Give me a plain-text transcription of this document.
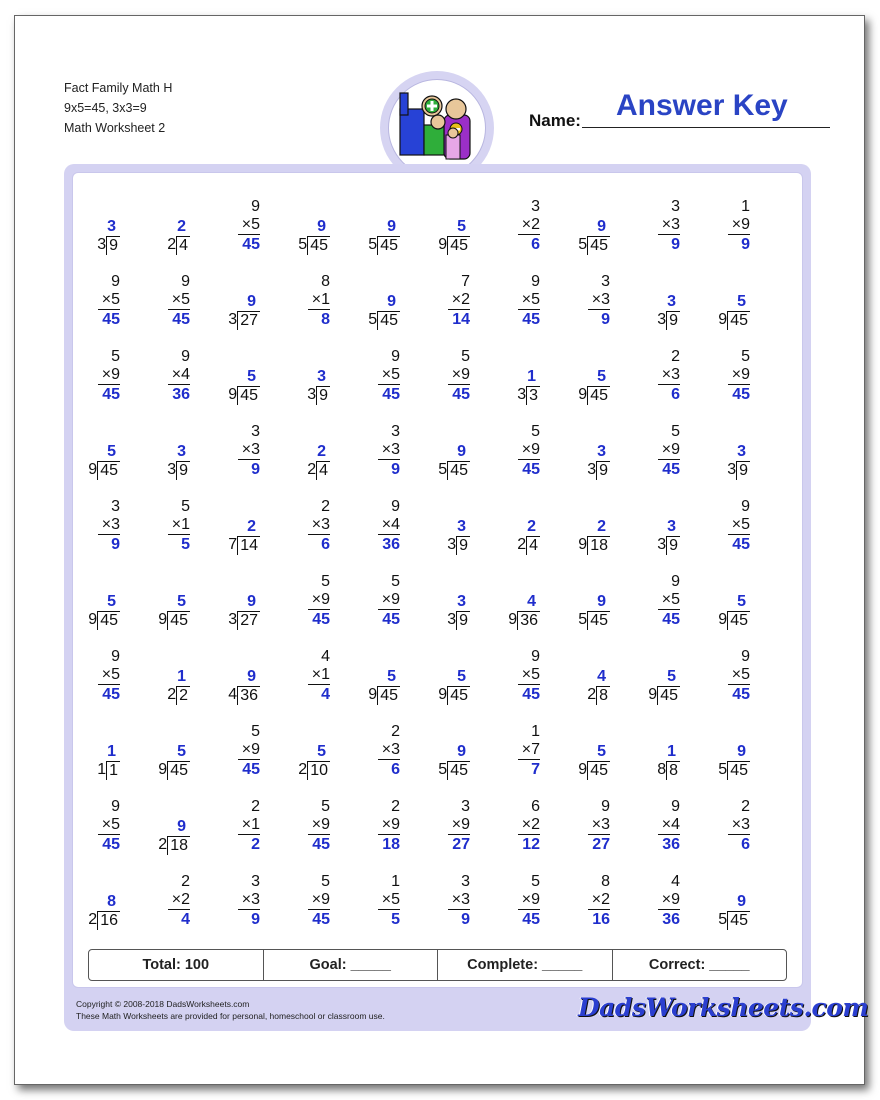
Fact Family Math H
9x5=45, 3x3=9
Math Worksheet 2	Name: Answer Key
3
3 9
2
2 4
9
×5
45
9
5 45
9
5 45
5
9 45
3
×2
6
9
5 45
3
×3
9
1
×9
9
9
×5
45
9
×5
45
9
3 27
8
×1
8
9
5 45
7
×2
14
9
×5
45
3
×3
9
3
3 9
5
9 45
5
×9
45
9
×4
36
5
9 45
3
3 9
9
×5
45
5
×9
45
1
3 3
5
9 45
2
×3
6
5
×9
45
5
9 45
3
3 9
3
×3
9
2
2 4
3
×3
9
9
5 45
5
×9
45
3
3 9
5
×9
45
3
3 9
3
×3
9
5
×1
5
2
7 14
2
×3
6
9
×4
36
3
3 9
2
2 4
2
9 18
3
3 9
9
×5
45
5
9 45
5
9 45
9
3 27
5
×9
45
5
×9
45
3
3 9
4
9 36
9
5 45
9
×5
45
5
9 45
9
×5
45
1
2 2
9
4 36
4
×1
4
5
9 45
5
9 45
9
×5
45
4
2 8
5
9 45
9
×5
45
1
1 1
5
9 45
5
×9
45
5
2 10
2
×3
6
9
5 45
1
×7
7
5
9 45
1
8 8
9
5 45
9
×5
45
9
2 18
2
×1
2
5
×9
45
2
×9
18
3
×9
27
6
×2
12
9
×3
27
9
×4
36
2
×3
6
8
2 16
2
×2
4
3
×3
9
5
×9
45
1
×5
5
3
×3
9
5
×9
45
8
×2
16
4
×9
36
9
5 45
Total: 100	Goal: _____	Complete: _____	Correct: _____
Copyright © 2008-2018 DadsWorksheets.com
These Math Worksheets are provided for personal, homeschool or classroom use.	DadsWorksheets.com
